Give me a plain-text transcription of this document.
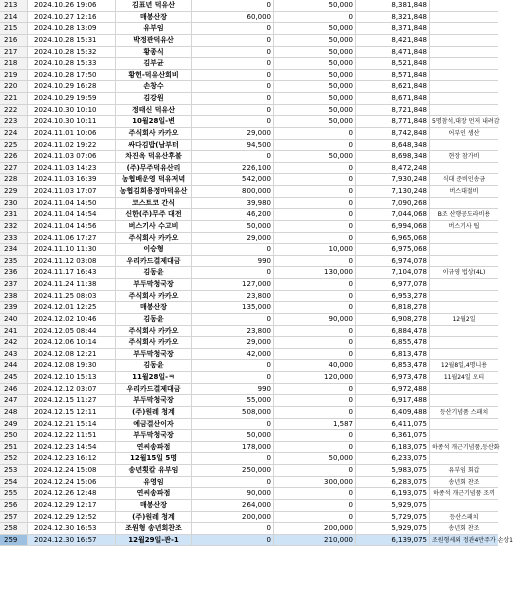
213	2024.10.26 19:06	김표년 덕유산	0	50,000	8,381,848
214	2024.10.27 12:16	매봉산장	60,000	0	8,321,848
215	2024.10.28 13:09	유부임	0	50,000	8,371,848
216	2024.10.28 15:31	박정관덕유산	0	50,000	8,421,848
217	2024.10.28 15:32	황종식	0	50,000	8,471,848
218	2024.10.28 15:33	김부균	0	50,000	8,521,848
219	2024.10.28 17:50	황헌-덕유산회비	0	50,000	8,571,848
220	2024.10.29 16:28	손창수	0	50,000	8,621,848
221	2024.10.29 19:59	김강원	0	50,000	8,671,848
222	2024.10.30 10:10	정태신 덕유산	0	50,000	8,721,848
223	2024.10.30 10:11	10월28일-변	0	50,000	8,771,848 5명참석,대장 먼저 내려감
224	2024.11.01 10:06	주식회사 카카오	29,000	0	8,742,848	어부인 생산
225	2024.11.02 19:22	싸다김밥(남부터	94,500	0	8,648,348
226	2024.11.03 07:06	차진옥 덕유산후불	0	50,000	8,698,348	현장 참가비
227	2024.11.03 14:23	(주)무주덕유산리	226,100	0	8,472,248
228	2024.11.03 16:39	농협배운영 덕유저녁	542,000	0	7,930,248	식대 준비인송금
229	2024.11.03 17:07	농협김희용정마덕유산	800,000	0	7,130,248	버스대절비
230	2024.11.04 14:50	코스트코 간식	39,980	0	7,090,268
231	2024.11.04 14:54	신한(주)무주 대전	46,200	0	7,044,068	B조 산행공도라비용
232	2024.11.04 14:56	버스기사 수고비	50,000	0	6,994,068	버스기사 팁
233	2024.11.06 17:27	주식회사 카카오	29,000	0	6,965,068
234	2024.11.10 11:30	이승형	0	10,000	6,975,068
235	2024.11.12 03:08	우리카드결제대금	990	0	6,974,078
236	2024.11.17 16:43	김동윤	0	130,000	7,104,078	이규영 법상(4L)
237	2024.11.24 11:38	부두막청국장	127,000	0	6,977,078
238	2024.11.25 08:03	주식회사 카카오	23,800	0	6,953,278
239	2024.12.01 12:25	매봉산장	135,000	0	6,818,278
240	2024.12.02 10:46	김동윤	0	90,000	6,908,278	12월2일
241	2024.12.05 08:44	주식회사 카카오	23,800	0	6,884,478
242	2024.12.06 10:14	주식회사 카카오	29,000	0	6,855,478
243	2024.12.08 12:21	부두막청국장	42,000	0	6,813,478
244	2024.12.08 19:30	김동윤	0	40,000	6,853,478	12월8일,4명니용
245	2024.12.10 15:13	11월28일-ㅋ	0	120,000	6,973,478	11월24일 오티
246	2024.12.12 03:07	우리카드결제대금	990	0	6,972,488
247	2024.12.15 11:27	부두막청국장	55,000	0	6,917,488
248	2024.12.15 12:11	(주)원레 청계	508,000	0	6,409,488	등산기념품 스패치
249	2024.12.21 15:14	예금결산이자	0	1,587	6,411,075
250	2024.12.22 11:51	부두막청국장	50,000	0	6,361,075
251	2024.12.23 14:54	연씨송파점	178,000	0	6,183,075 하종석 개근기념품,등산화
252	2024.12.23 16:12	12월15일 5명	0	50,000	6,233,075
253	2024.12.24 15:08	송년횟칼 유부임	250,000	0	5,983,075	유부임 회갑
254	2024.12.24 15:06	유영임	0	300,000	6,283,075	송년회 찬조
255	2024.12.26 12:48	연씨송파점	90,000	0	6,193,075	하종석 개근기념품 조끼
256	2024.12.29 12:17	매봉산장	264,000	0	5,929,075
257	2024.12.29 12:52	(주)원레 청계	200,000	0	5,729,075	등산스패치
258	2024.12.30 16:53	조원형 송년회찬조	0	200,000	5,929,075	송년회 찬조
259	2024.12.30 16:57	12월29일-관-1	0	210,000	6,139,075 조원형세외 정관4만주가 손상1
